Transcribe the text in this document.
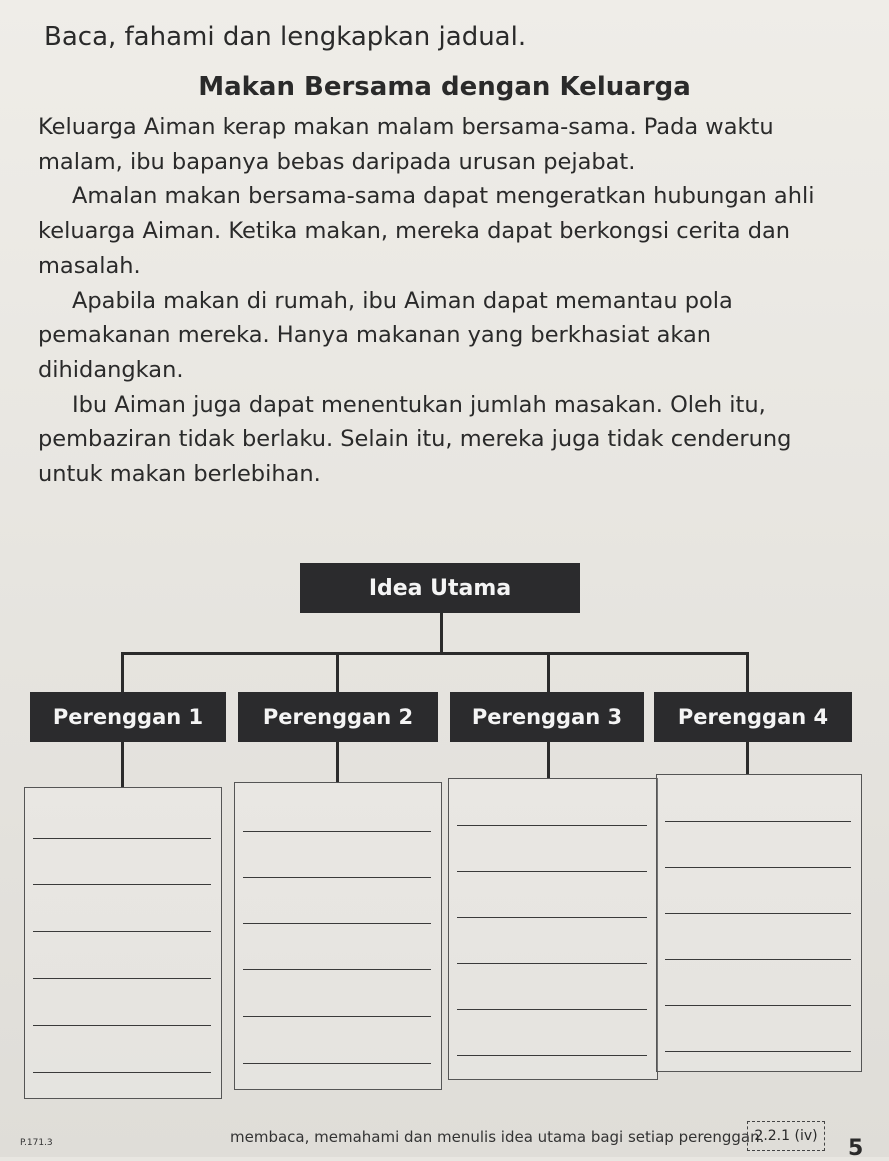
Baca, fahami dan lengkapkan jadual.
Makan Bersama dengan Keluarga

Keluarga Aiman kerap makan malam bersama-sama. Pada waktu malam, ibu bapanya bebas daripada urusan pejabat.

Amalan makan bersama-sama dapat mengeratkan hubungan ahli keluarga Aiman. Ketika makan, mereka dapat berkongsi cerita dan masalah.

Apabila makan di rumah, ibu Aiman dapat memantau pola pemakanan mereka. Hanya makanan yang berkhasiat akan dihidangkan.

Ibu Aiman juga dapat menentukan jumlah masakan. Oleh itu, pembaziran tidak berlaku. Selain itu, mereka juga tidak cenderung untuk makan berlebihan.

Idea Utama
Perenggan 1	Perenggan 2	Perenggan 3	Perenggan 4
P.171.3	membaca, memahami dan menulis idea utama bagi setiap perenggan.
2.2.1 (iv)	5
